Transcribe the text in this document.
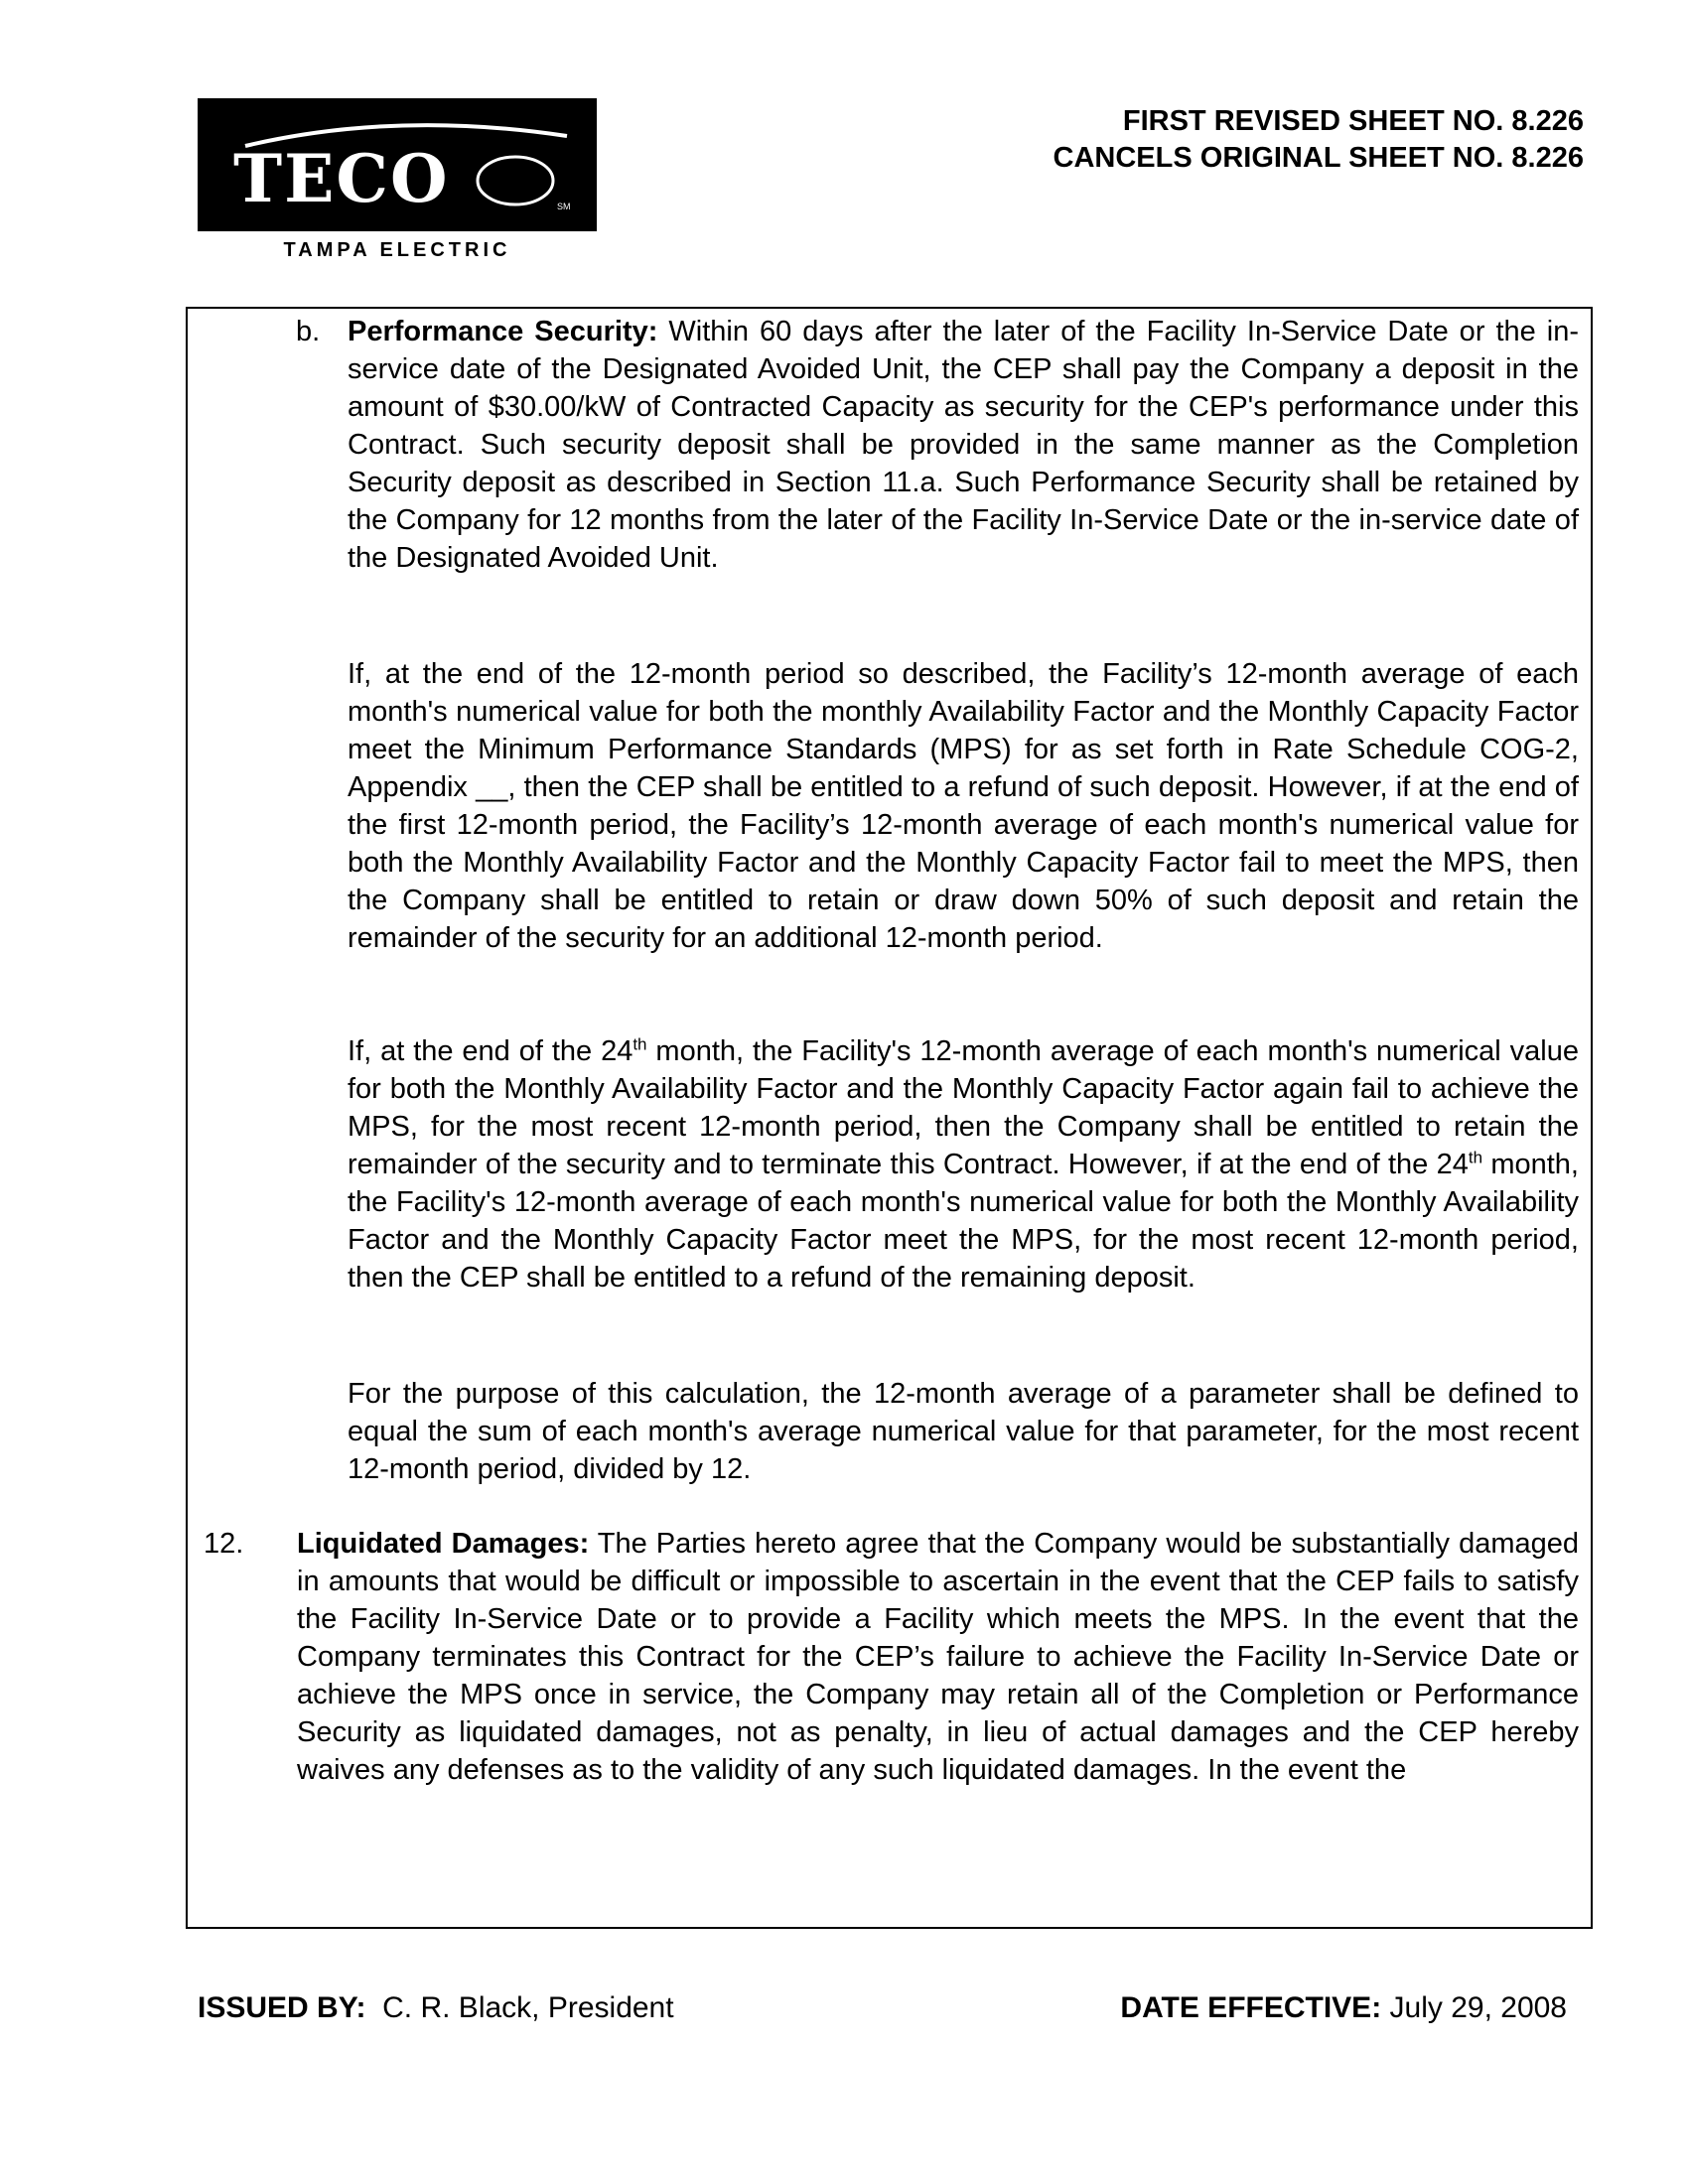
TECO	SM
TAMPA ELECTRIC
FIRST REVISED SHEET NO. 8.226
CANCELS ORIGINAL SHEET NO. 8.226
b. Performance Security: Within 60 days after the later of the Facility In-Service Date or the in-service date of the Designated Avoided Unit, the CEP shall pay the Company a deposit in the amount of $30.00/kW of Contracted Capacity as security for the CEP's performance under this Contract. Such security deposit shall be provided in the same manner as the Completion Security deposit as described in Section 11.a. Such Performance Security shall be retained by the Company for 12 months from the later of the Facility In-Service Date or the in-service date of the Designated Avoided Unit.
If, at the end of the 12-month period so described, the Facility’s 12-month average of each month's numerical value for both the monthly Availability Factor and the Monthly Capacity Factor meet the Minimum Performance Standards (MPS) for as set forth in Rate Schedule COG-2, Appendix __, then the CEP shall be entitled to a refund of such deposit. However, if at the end of the first 12-month period, the Facility’s 12-month average of each month's numerical value for both the Monthly Availability Factor and the Monthly Capacity Factor fail to meet the MPS, then the Company shall be entitled to retain or draw down 50% of such deposit and retain the remainder of the security for an additional 12-month period.
If, at the end of the 24th month, the Facility's 12-month average of each month's numerical value for both the Monthly Availability Factor and the Monthly Capacity Factor again fail to achieve the MPS, for the most recent 12-month period, then the Company shall be entitled to retain the remainder of the security and to terminate this Contract. However, if at the end of the 24th month, the Facility's 12-month average of each month's numerical value for both the Monthly Availability Factor and the Monthly Capacity Factor meet the MPS, for the most recent 12-month period, then the CEP shall be entitled to a refund of the remaining deposit.
For the purpose of this calculation, the 12-month average of a parameter shall be defined to equal the sum of each month's average numerical value for that parameter, for the most recent 12-month period, divided by 12.
12. Liquidated Damages: The Parties hereto agree that the Company would be substantially damaged in amounts that would be difficult or impossible to ascertain in the event that the CEP fails to satisfy the Facility In-Service Date or to provide a Facility which meets the MPS. In the event that the Company terminates this Contract for the CEP’s failure to achieve the Facility In-Service Date or achieve the MPS once in service, the Company may retain all of the Completion or Performance Security as liquidated damages, not as penalty, in lieu of actual damages and the CEP hereby waives any defenses as to the validity of any such liquidated damages. In the event the
ISSUED BY: C. R. Black, President	DATE EFFECTIVE: July 29, 2008
